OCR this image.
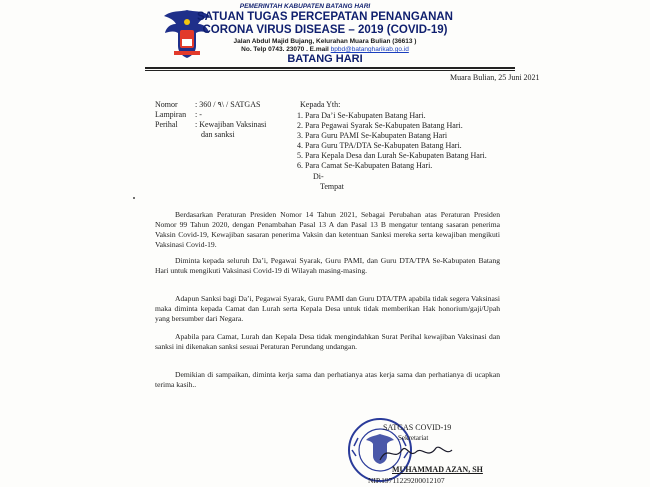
PEMERINTAH KABUPATEN BATANG HARI
SATUAN TUGAS PERCEPATAN PENANGANAN
CORONA VIRUS DISEASE – 2019 (COVID-19)
Jalan Abdul Majid Bujang, Kelurahan Muara Bulian (36613 )
No. Telp 0743. 23070 . E.mail bpbd@batangharikab.go.id
BATANG HARI
Muara Bulian, 25 Juni 2021
Nomor : 360 / ۹\ / SATGAS
Lampiran : -
Perihal : Kewajiban Vaksinasi
dan sanksi
Kepada Yth:
1. Para Da’i Se-Kabupaten Batang Hari.
2. Para Pegawai Syarak Se-Kabupaten Batang Hari.
3. Para Guru PAMI Se-Kabupaten Batang Hari
4. Para Guru TPA/DTA Se-Kabupaten Batang Hari.
5. Para Kepala Desa dan Lurah Se-Kabupaten Batang Hari.
6. Para Camat Se-Kabupaten Batang Hari.
Di-
Tempat
Berdasarkan Peraturan Presiden Nomor 14 Tahun 2021, Sebagai Perubahan atas Peraturan Presiden Nomor 99 Tahun 2020, dengan Penambahan Pasal 13 A dan Pasal 13 B mengatur tentang sasaran penerima Vaksin Covid-19, Kewajiban sasaran penerima Vaksin dan ketentuan Sanksi mereka serta kewajiban mengikuti Vaksinasi Covid-19.
Diminta kepada seluruh Da’i, Pegawai Syarak, Guru PAMI, dan Guru DTA/TPA Se-Kabupaten Batang Hari untuk mengikuti Vaksinasi Covid-19 di Wilayah masing-masing.
Adapun Sanksi bagi Da’i, Pegawai Syarak, Guru PAMI dan Guru DTA/TPA apabila tidak segera Vaksinasi maka diminta kepada Camat dan Lurah serta Kepala Desa untuk tidak memberikan Hak honorium/gaji/Upah yang bersumber dari Negara.
Apabila para Camat, Lurah dan Kepala Desa tidak mengindahkan Surat Perihal kewajiban Vaksinasi dan sanksi ini dikenakan sanksi sesuai Peraturan Perundang undangan.
Demikian di sampaikan, diminta kerja sama dan perhatianya atas kerja sama dan perhatianya di ucapkan terima kasih..
SATGAS COVID-19
Sekretariat
MUHAMMAD AZAN, SH
NIP.19711229200012107
